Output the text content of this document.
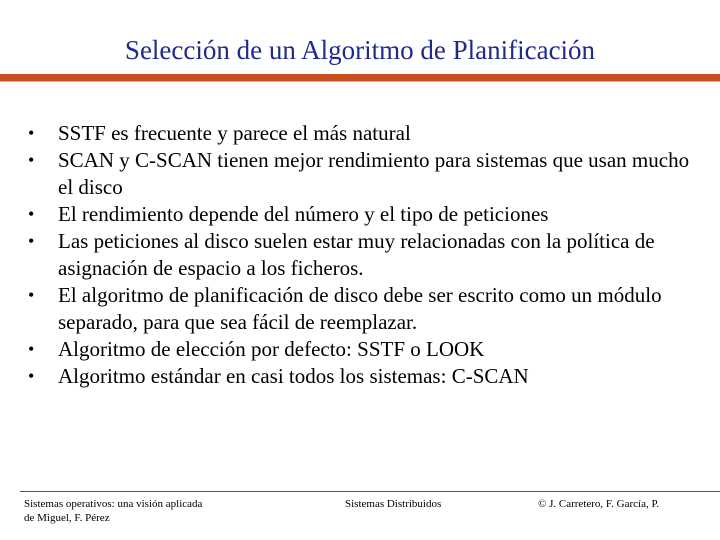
Selección de un Algoritmo de Planificación
•	SSTF es frecuente y parece el más natural
•	SCAN y C-SCAN tienen mejor rendimiento para sistemas que usan mucho el disco
•	El rendimiento depende del número y el tipo de peticiones
•	Las peticiones al disco suelen estar muy relacionadas con la política de asignación de espacio a los ficheros.
•	El algoritmo de planificación de disco debe ser escrito como un módulo separado, para que sea fácil de reemplazar.
•	Algoritmo de elección por defecto: SSTF o LOOK
•	Algoritmo estándar en casi todos los sistemas: C-SCAN
Sistemas operativos: una visión aplicada
de Miguel, F. Pérez
Sistemas Distribuidos	© J. Carretero, F. García, P.
